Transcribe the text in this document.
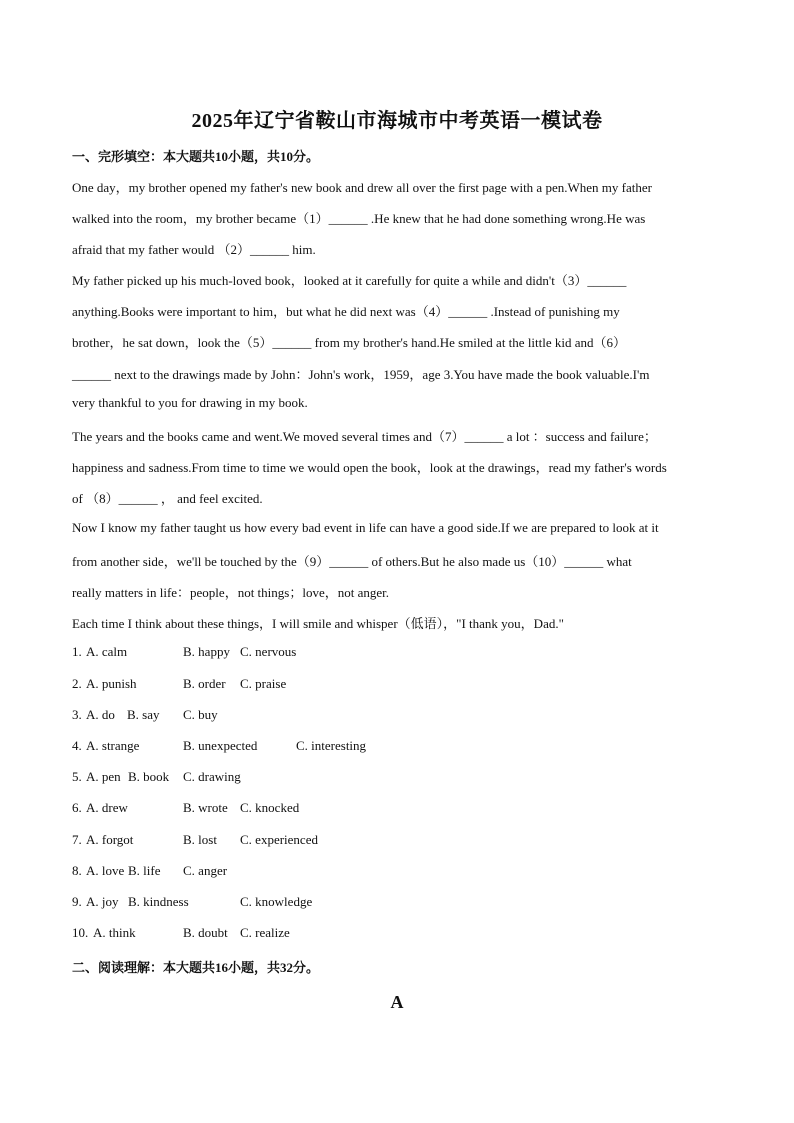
2025年辽宁省鞍山市海城市中考英语一模试卷
一、完形填空：本大题共10小题，共10分。
One day，my brother opened my father's new book and drew all over the first page with a pen.When my father
walked into the room，my brother became（1）______ .He knew that he had done something wrong.He was
afraid that my father would （2）______ him.
My father picked up his much-loved book，looked at it carefully for quite a while and didn't（3）______
anything.Books were important to him，but what he did next was（4）______ .Instead of punishing my
brother，he sat down，look the（5）______ from my brother's hand.He smiled at the little kid and（6）
______ next to the drawings made by John：John's work，1959，age 3.You have made the book valuable.I'm
very thankful to you for drawing in my book.
The years and the books came and went.We moved several times and（7）______ a lot ：success and failure；
happiness and sadness.From time to time we would open the book，look at the drawings，read my father's words
of （8）______ ， and feel excited.
Now I know my father taught us how every bad event in life can have a good side.If we are prepared to look at it
from another side，we'll be touched by the（9）______ of others.But he also made us（10）______ what
really matters in life：people，not things；love，not anger.
Each time I think about these things，I will smile and whisper（低语），"I thank you，Dad."
1. A. calm	B. happy C. nervous
2. A. punish	B. order C. praise
3. A. do B. say C. buy
4. A. strange	B. unexpected	C. interesting
5. A. pen B. book C. drawing
6. A. drew	B. wrote C. knocked
7. A. forgot	B. lost C. experienced
8. A. love B. life C. anger
9. A. joy B. kindness	C. knowledge
10. A. think	B. doubt C. realize
二、阅读理解：本大题共16小题，共32分。
A
